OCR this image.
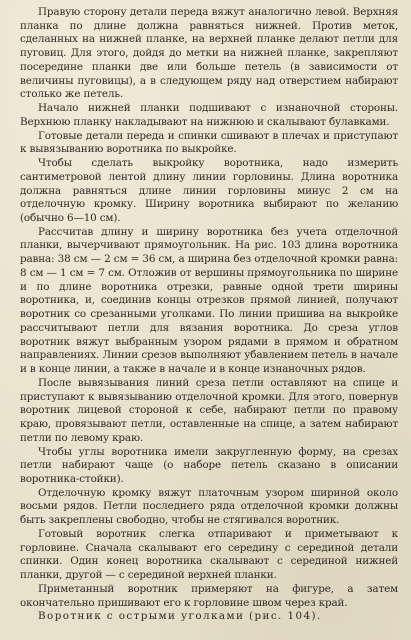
Правую сторону детали переда вяжут аналогично левой. Верхняя планка по длине должна равняться нижней. Против меток, сделанных на нижней планке, на верхней планке делают петли для пуговиц. Для этого, дойдя до метки на нижней планке, закрепляют посередине планки две или больше петель (в зависимости от величины пуговицы), а в следующем ряду над отверстием набирают столько же петель.

Начало нижней планки подшивают с изнаночной стороны. Верхнюю планку накладывают на нижнюю и скалывают булавками.

Готовые детали переда и спинки сшивают в плечах и приступают к вывязыванию воротника по выкройке.

Чтобы сделать выкройку воротника, надо измерить сантиметровой лентой длину линии горловины. Длина воротника должна равняться длине линии горловины минус 2 см на отделочную кромку. Ширину воротника выбирают по желанию (обычно 6—10 см).

Рассчитав длину и ширину воротника без учета отделочной планки, вычерчивают прямоугольник. На рис. 103 длина воротника равна: 38 см — 2 см = 36 см, а ширина без отделочной кромки равна: 8 см — 1 см = 7 см. Отложив от вершины прямоугольника по ширине и по длине воротника отрезки, равные одной трети ширины воротника, и, соединив концы отрезков прямой линией, получают воротник со срезанными уголками. По линии пришива на выкройке рассчитывают петли для вязания воротника. До среза углов воротник вяжут выбранным узором рядами в прямом и обратном направлениях. Линии срезов выполняют убавлением петель в начале и в конце линии, а также в начале и в конце изнаночных рядов.

После вывязывания линий среза петли оставляют на спице и приступают к вывязыванию отделочной кромки. Для этого, повернув воротник лицевой стороной к себе, набирают петли по правому краю, провязывают петли, оставленные на спице, а затем набирают петли по левому краю.

Чтобы углы воротника имели закругленную форму, на срезах петли набирают чаще (о наборе петель сказано в описании воротника-стойки).

Отделочную кромку вяжут платочным узором шириной около восьми рядов. Петли последнего ряда отделочной кромки должны быть закреплены свободно, чтобы не стягивался воротник.

Готовый воротник слегка отпаривают и приметывают к горловине. Сначала скалывают его середину с серединой детали спинки. Один конец воротника скалывают с серединой нижней планки, другой — с серединой верхней планки.

Приметанный воротник примеряют на фигуре, а затем окончательно пришивают его к горловине швом через край.

Воротник с острыми уголками (рис. 104).
